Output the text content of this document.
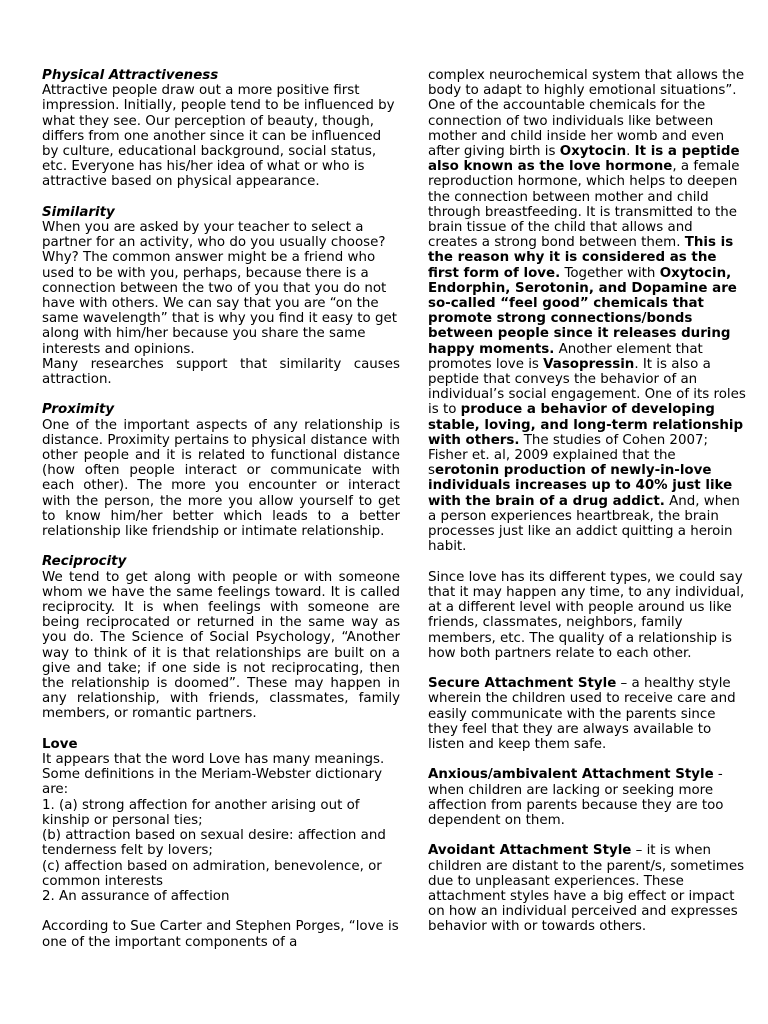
Physical Attractiveness
Attractive people draw out a more positive first impression. Initially, people tend to be influenced by what they see. Our perception of beauty, though, differs from one another since it can be influenced by culture, educational background, social status, etc. Everyone has his/her idea of what or who is attractive based on physical appearance.
Similarity
When you are asked by your teacher to select a partner for an activity, who do you usually choose? Why? The common answer might be a friend who used to be with you, perhaps, because there is a connection between the two of you that you do not have with others. We can say that you are “on the same wavelength” that is why you find it easy to get along with him/her because you share the same interests and opinions.
Many researches support that similarity causes attraction.
Proximity
One of the important aspects of any relationship is distance. Proximity pertains to physical distance with other people and it is related to functional distance (how often people interact or communicate with each other). The more you encounter or interact with the person, the more you allow yourself to get to know him/her better which leads to a better relationship like friendship or intimate relationship.
Reciprocity
We tend to get along with people or with someone whom we have the same feelings toward. It is called reciprocity. It is when feelings with someone are being reciprocated or returned in the same way as you do. The Science of Social Psychology, “Another way to think of it is that relationships are built on a give and take; if one side is not reciprocating, then the relationship is doomed”. These may happen in any relationship, with friends, classmates, family members, or romantic partners.
Love
It appears that the word Love has many meanings. Some definitions in the Meriam-Webster dictionary are:
1. (a) strong affection for another arising out of kinship or personal ties;
(b) attraction based on sexual desire: affection and tenderness felt by lovers;
(c) affection based on admiration, benevolence, or common interests
2. An assurance of affection
According to Sue Carter and Stephen Porges, “love is one of the important components of a
complex neurochemical system that allows the body to adapt to highly emotional situations”. One of the accountable chemicals for the connection of two individuals like between mother and child inside her womb and even after giving birth is Oxytocin. It is a peptide also known as the love hormone, a female reproduction hormone, which helps to deepen the connection between mother and child through breastfeeding. It is transmitted to the brain tissue of the child that allows and creates a strong bond between them. This is the reason why it is considered as the first form of love. Together with Oxytocin, Endorphin, Serotonin, and Dopamine are so-called “feel good” chemicals that promote strong connections/bonds between people since it releases during happy moments. Another element that promotes love is Vasopressin. It is also a peptide that conveys the behavior of an individual’s social engagement. One of its roles is to produce a behavior of developing stable, loving, and long-term relationship with others. The studies of Cohen 2007; Fisher et. al, 2009 explained that the serotonin production of newly-in-love individuals increases up to 40% just like with the brain of a drug addict. And, when a person experiences heartbreak, the brain processes just like an addict quitting a heroin habit.
Since love has its different types, we could say that it may happen any time, to any individual, at a different level with people around us like friends, classmates, neighbors, family members, etc. The quality of a relationship is how both partners relate to each other.
Secure Attachment Style – a healthy style wherein the children used to receive care and easily communicate with the parents since they feel that they are always available to listen and keep them safe.
Anxious/ambivalent Attachment Style - when children are lacking or seeking more affection from parents because they are too dependent on them.
Avoidant Attachment Style – it is when children are distant to the parent/s, sometimes due to unpleasant experiences. These attachment styles have a big effect or impact on how an individual perceived and expresses behavior with or towards others.
